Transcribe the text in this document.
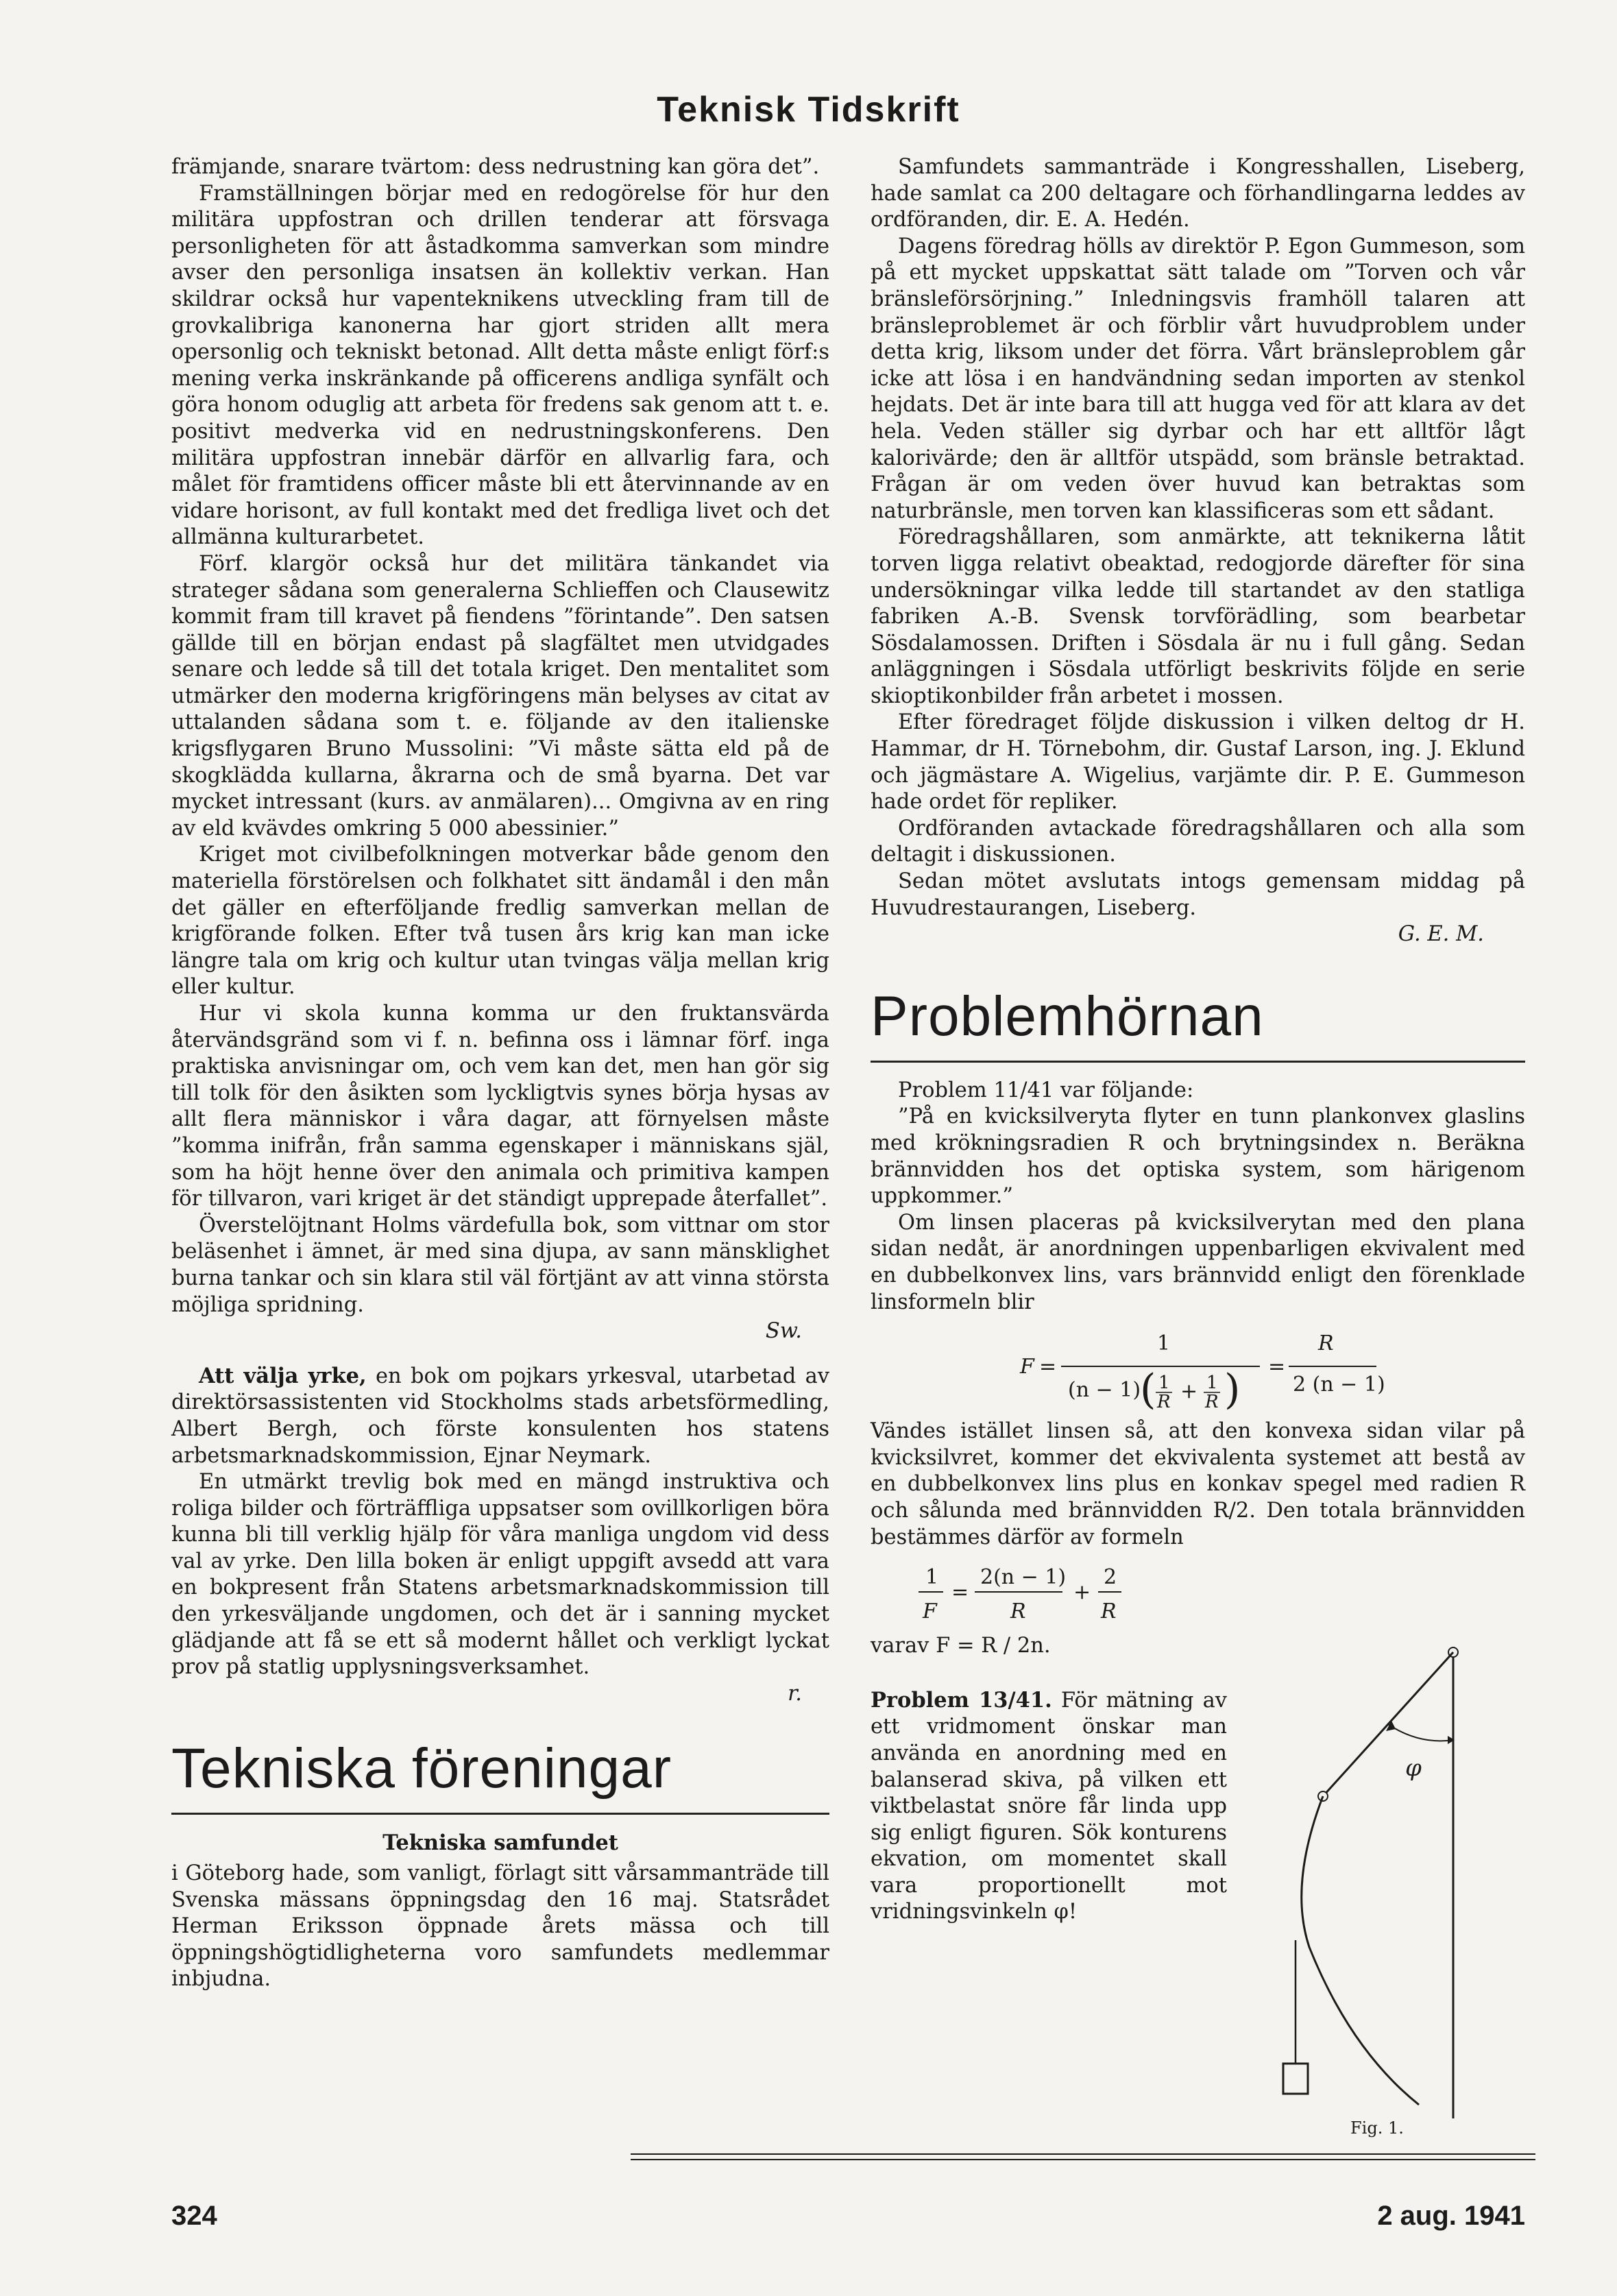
Teknisk Tidskrift

främjande, snarare tvärtom: dess nedrustning kan göra det”.

Framställningen börjar med en redogörelse för hur den militära uppfostran och drillen tenderar att försvaga personligheten för att åstadkomma samverkan som mindre avser den personliga insatsen än kollektiv verkan. Han skildrar också hur vapenteknikens utveckling fram till de grovkalibriga kanonerna har gjort striden allt mera opersonlig och tekniskt betonad. Allt detta måste enligt förf:s mening verka inskränkande på officerens andliga synfält och göra honom oduglig att arbeta för fredens sak genom att t. e. positivt medverka vid en nedrustningskonferens. Den militära uppfostran innebär därför en allvarlig fara, och målet för framtidens officer måste bli ett återvinnande av en vidare horisont, av full kontakt med det fredliga livet och det allmänna kulturarbetet.

Förf. klargör också hur det militära tänkandet via strateger sådana som generalerna Schlieffen och Clausewitz kommit fram till kravet på fiendens ”förintande”. Den satsen gällde till en början endast på slagfältet men utvidgades senare och ledde så till det totala kriget. Den mentalitet som utmärker den moderna krigföringens män belyses av citat av uttalanden sådana som t. e. följande av den italienske krigsflygaren Bruno Mussolini: ”Vi måste sätta eld på de skogklädda kullarna, åkrarna och de små byarna. Det var mycket intressant (kurs. av anmälaren)... Omgivna av en ring av eld kvävdes omkring 5 000 abessinier.”

Kriget mot civilbefolkningen motverkar både genom den materiella förstörelsen och folkhatet sitt ändamål i den mån det gäller en efterföljande fredlig samverkan mellan de krigförande folken. Efter två tusen års krig kan man icke längre tala om krig och kultur utan tvingas välja mellan krig eller kultur.

Hur vi skola kunna komma ur den fruktansvärda återvändsgränd som vi f. n. befinna oss i lämnar förf. inga praktiska anvisningar om, och vem kan det, men han gör sig till tolk för den åsikten som lyckligtvis synes börja hysas av allt flera människor i våra dagar, att förnyelsen måste ”komma inifrån, från samma egenskaper i människans själ, som ha höjt henne över den animala och primitiva kampen för tillvaron, vari kriget är det ständigt upprepade återfallet”.

Överstelöjtnant Holms värdefulla bok, som vittnar om stor beläsenhet i ämnet, är med sina djupa, av sann mänsklighet burna tankar och sin klara stil väl förtjänt av att vinna största möjliga spridning.

Sw.

Att välja yrke, en bok om pojkars yrkesval, utarbetad av direktörsassistenten vid Stockholms stads arbetsförmedling, Albert Bergh, och förste konsulenten hos statens arbetsmarknadskommission, Ejnar Neymark.

En utmärkt trevlig bok med en mängd instruktiva och roliga bilder och förträffliga uppsatser som ovillkorligen böra kunna bli till verklig hjälp för våra manliga ungdom vid dess val av yrke. Den lilla boken är enligt uppgift avsedd att vara en bokpresent från Statens arbetsmarknadskommission till den yrkesväljande ungdomen, och det är i sanning mycket glädjande att få se ett så modernt hållet och verkligt lyckat prov på statlig upplysningsverksamhet.

r.

Tekniska föreningar

Tekniska samfundet

i Göteborg hade, som vanligt, förlagt sitt vårsammanträde till Svenska mässans öppningsdag den 16 maj. Statsrådet Herman Eriksson öppnade årets mässa och till öppningshögtidligheterna voro samfundets medlemmar inbjudna.

Samfundets sammanträde i Kongresshallen, Liseberg, hade samlat ca 200 deltagare och förhandlingarna leddes av ordföranden, dir. E. A. Hedén.

Dagens föredrag hölls av direktör P. Egon Gummeson, som på ett mycket uppskattat sätt talade om ”Torven och vår bränsleförsörjning.” Inledningsvis framhöll talaren att bränsleproblemet är och förblir vårt huvudproblem under detta krig, liksom under det förra. Vårt bränsleproblem går icke att lösa i en handvändning sedan importen av stenkol hejdats. Det är inte bara till att hugga ved för att klara av det hela. Veden ställer sig dyrbar och har ett alltför lågt kalorivärde; den är alltför utspädd, som bränsle betraktad. Frågan är om veden över huvud kan betraktas som naturbränsle, men torven kan klassificeras som ett sådant.

Föredragshållaren, som anmärkte, att teknikerna låtit torven ligga relativt obeaktad, redogjorde därefter för sina undersökningar vilka ledde till startandet av den statliga fabriken A.-B. Svensk torvförädling, som bearbetar Sösdalamossen. Driften i Sösdala är nu i full gång. Sedan anläggningen i Sösdala utförligt beskrivits följde en serie skioptikonbilder från arbetet i mossen.

Efter föredraget följde diskussion i vilken deltog dr H. Hammar, dr H. Törnebohm, dir. Gustaf Larson, ing. J. Eklund och jägmästare A. Wigelius, varjämte dir. P. E. Gummeson hade ordet för repliker.

Ordföranden avtackade föredragshållaren och alla som deltagit i diskussionen.

Sedan mötet avslutats intogs gemensam middag på Huvudrestaurangen, Liseberg.

G. E. M.

Problemhörnan

Problem 11/41 var följande:

”På en kvicksilveryta flyter en tunn plankonvex glaslins med krökningsradien R och brytningsindex n. Beräkna brännvidden hos det optiska system, som härigenom uppkommer.”

Om linsen placeras på kvicksilverytan med den plana sidan nedåt, är anordningen uppenbarligen ekvivalent med en dubbelkonvex lins, vars brännvidd enligt den förenklade linsformeln blir

F =
1
(n − 1)
( 1
R + 1
R ) =
R
2 (n − 1)

Vändes istället linsen så, att den konvexa sidan vilar på kvicksilvret, kommer det ekvivalenta systemet att bestå av en dubbelkonvex lins plus en konkav spegel med radien R och sålunda med brännvidden R/2. Den totala brännvidden bestämmes därför av formeln

1
F
=
2(n − 1)
R
+
2
R

varav F = R / 2n.

Problem 13/41. För mätning av ett vridmoment önskar man använda en anordning med en balanserad skiva, på vilken ett viktbelastat snöre får linda upp sig enligt figuren. Sök konturens ekvation, om momentet skall vara proportionellt mot vridningsvinkeln φ!

φ
Fig. 1.
324	2 aug. 1941
